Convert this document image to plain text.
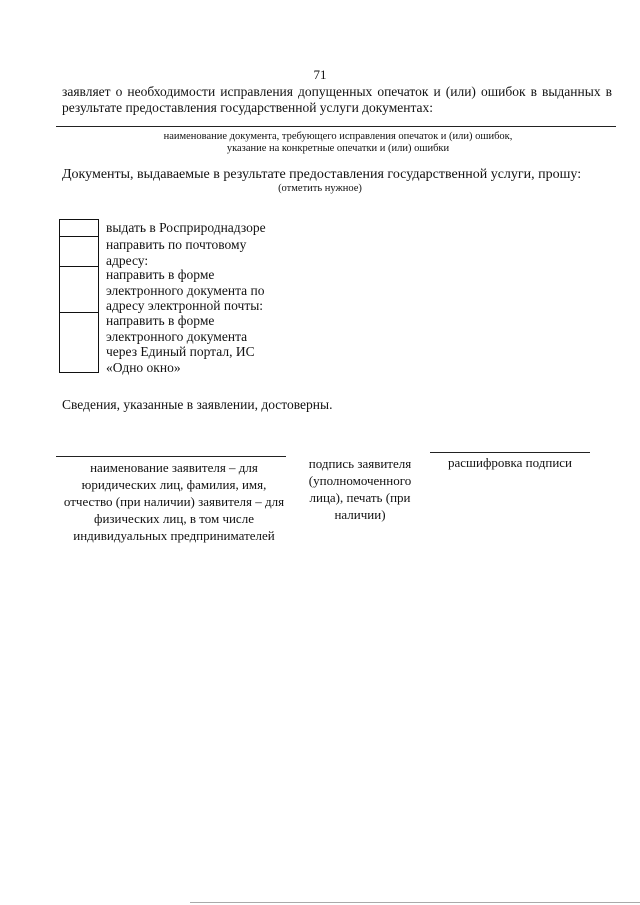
71
заявляет о необходимости исправления допущенных опечаток и (или) ошибок в выданных в результате предоставления государственной услуги документах:
наименование документа, требующего исправления опечаток и (или) ошибок,
указание на конкретные опечатки и (или) ошибки
Документы, выдаваемые в результате предоставления государственной услуги, прошу:
(отметить нужное)
выдать в Росприроднадзоре
направить по почтовому адресу:
направить в форме электронного документа по адресу электронной почты:
направить в форме электронного документа через Единый портал, ИС «Одно окно»
Сведения, указанные в заявлении, достоверны.
наименование заявителя – для юридических лиц, фамилия, имя, отчество (при наличии) заявителя – для физических лиц, в том числе индивидуальных предпринимателей
подпись заявителя (уполномоченного лица), печать (при наличии)
расшифровка подписи
